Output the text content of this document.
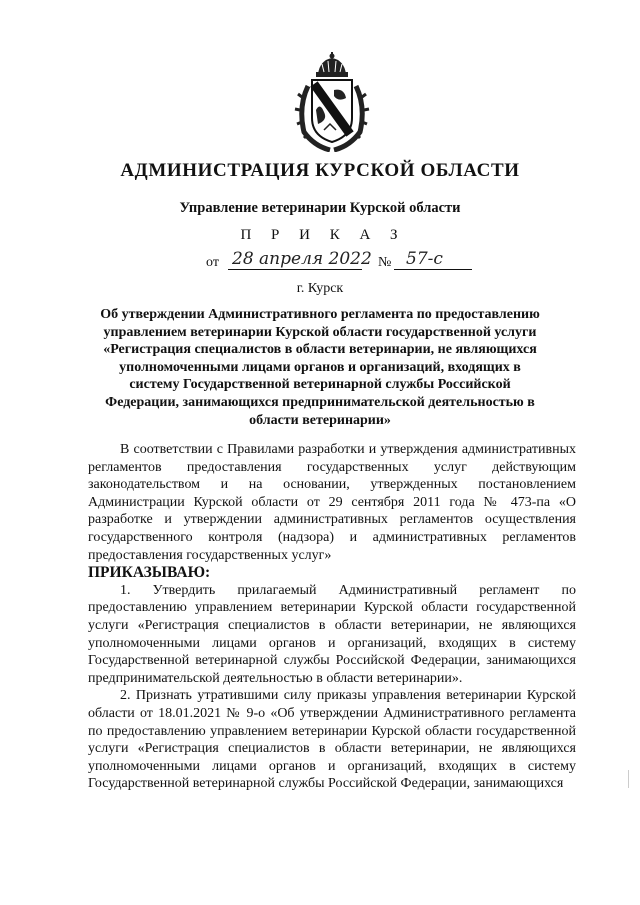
АДМИНИСТРАЦИЯ КУРСКОЙ ОБЛАСТИ
Управление ветеринарии Курской области
П Р И К А З
от 28 апреля 2022 № 57-с
г. Курск
Об утверждении Административного регламента по предоставлению управлением ветеринарии Курской области государственной услуги «Регистрация специалистов в области ветеринарии, не являющихся уполномоченными лицами органов и организаций, входящих в систему Государственной ветеринарной службы Российской Федерации, занимающихся предпринимательской деятельностью в области ветеринарии»

В соответствии с Правилами разработки и утверждения административных регламентов предоставления государственных услуг действующим законодательством и на основании, утвержденных постановлением Администрации Курской области от 29 сентября 2011 года № 473-па «О разработке и утверждении административных регламентов осуществления государственного контроля (надзора) и административных регламентов предоставления государственных услуг»

ПРИКАЗЫВАЮ:

1. Утвердить прилагаемый Административный регламент по предоставлению управлением ветеринарии Курской области государственной услуги «Регистрация специалистов в области ветеринарии, не являющихся уполномоченными лицами органов и организаций, входящих в систему Государственной ветеринарной службы Российской Федерации, занимающихся предпринимательской деятельностью в области ветеринарии».

2. Признать утратившими силу приказы управления ветеринарии Курской области от 18.01.2021 № 9-о «Об утверждении Административного регламента по предоставлению управлением ветеринарии Курской области государственной услуги «Регистрация специалистов в области ветеринарии, не являющихся уполномоченными лицами органов и организаций, входящих в систему Государственной ветеринарной службы Российской Федерации, занимающихся
